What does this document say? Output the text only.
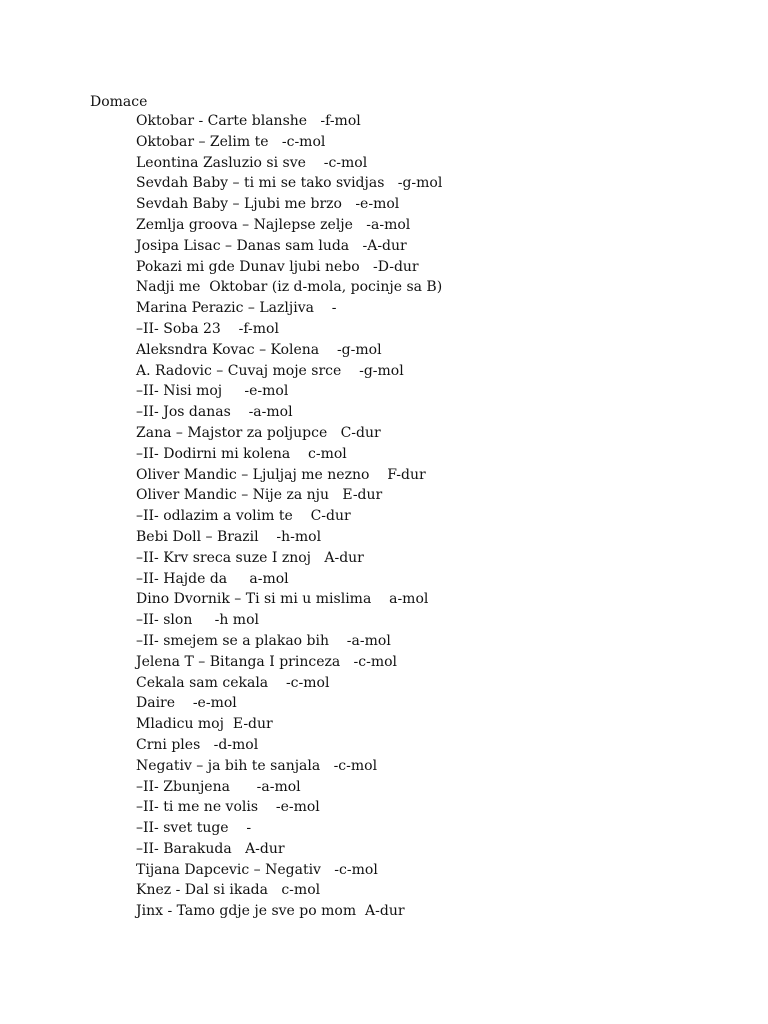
Domace
Oktobar - Carte blanshe   -f-mol
Oktobar – Zelim te   -c-mol
Leontina Zasluzio si sve    -c-mol
Sevdah Baby – ti mi se tako svidjas   -g-mol
Sevdah Baby – Ljubi me brzo   -e-mol
Zemlja groova – Najlepse zelje   -a-mol
Josipa Lisac – Danas sam luda   -A-dur
Pokazi mi gde Dunav ljubi nebo   -D-dur
Nadji me  Oktobar (iz d-mola, pocinje sa B)
Marina Perazic – Lazljiva    -
–II- Soba 23    -f-mol
Aleksndra Kovac – Kolena    -g-mol
A. Radovic – Cuvaj moje srce    -g-mol
–II- Nisi moj     -e-mol
–II- Jos danas    -a-mol
Zana – Majstor za poljupce   C-dur
–II- Dodirni mi kolena    c-mol
Oliver Mandic – Ljuljaj me nezno    F-dur
Oliver Mandic – Nije za nju   E-dur
–II- odlazim a volim te    C-dur
Bebi Doll – Brazil    -h-mol
–II- Krv sreca suze I znoj   A-dur
–II- Hajde da     a-mol
Dino Dvornik – Ti si mi u mislima    a-mol
–II- slon     -h mol
–II- smejem se a plakao bih    -a-mol
Jelena T – Bitanga I princeza   -c-mol
Cekala sam cekala    -c-mol
Daire    -e-mol
Mladicu moj  E-dur
Crni ples   -d-mol
Negativ – ja bih te sanjala   -c-mol
–II- Zbunjena      -a-mol
–II- ti me ne volis    -e-mol
–II- svet tuge    -
–II- Barakuda   A-dur
Tijana Dapcevic – Negativ   -c-mol
Knez - Dal si ikada   c-mol
Jinx - Tamo gdje je sve po mom  A-dur
